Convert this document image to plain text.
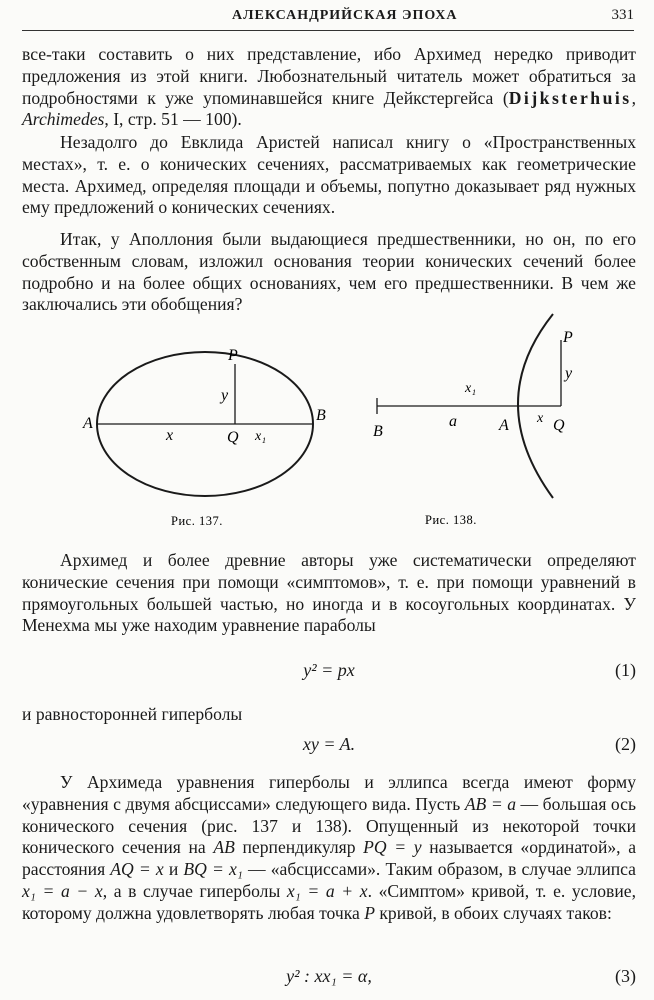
АЛЕКСАНДРИЙСКАЯ ЭПОХА	331

все-таки составить о них представление, ибо Архимед нередко приводит предложения из этой книги. Любознательный читатель может обратиться за подробностями к уже упоминавшейся книге Дейкстергейса (Dijksterhuis, Archimedes, I, стр. 51 — 100).

Незадолго до Евклида Аристей написал книгу о «Пространственных местах», т. е. о конических сечениях, рассматриваемых как геометрические места. Архимед, определяя площади и объемы, попутно доказывает ряд нужных ему предложений о конических сечениях.

Итак, у Аполлония были выдающиеся предшественники, но он, по его собственным словам, изложил основания теории конических сечений более подробно и на более общих основаниях, чем его предшественники. В чем же заключались эти обобщения?

P
y
A	B
x	Q x₁
Рис. 137.
P
y
x₁
B
a	A x Q
Рис. 138.

Архимед и более древние авторы уже систематически определяют конические сечения при помощи «симптомов», т. е. при помощи уравнений в прямоугольных большей частью, но иногда и в косоугольных координатах. У Менехма мы уже находим уравнение параболы

y² = px	(1)

и равносторонней гиперболы

xy = A.	(2)

У Архимеда уравнения гиперболы и эллипса всегда имеют форму «уравнения с двумя абсциссами» следующего вида. Пусть AB = a — большая ось конического сечения (рис. 137 и 138). Опущенный из некоторой точки конического сечения на AB перпендикуляр PQ = y называется «ординатой», а расстояния AQ = x и BQ = x₁ — «абсциссами». Таким образом, в случае эллипса x₁ = a − x, а в случае гиперболы x₁ = a + x. «Симптом» кривой, т. е. условие, которому должна удовлетворять любая точка P кривой, в обоих случаях таков:

y² : xx₁ = α,	(3)
